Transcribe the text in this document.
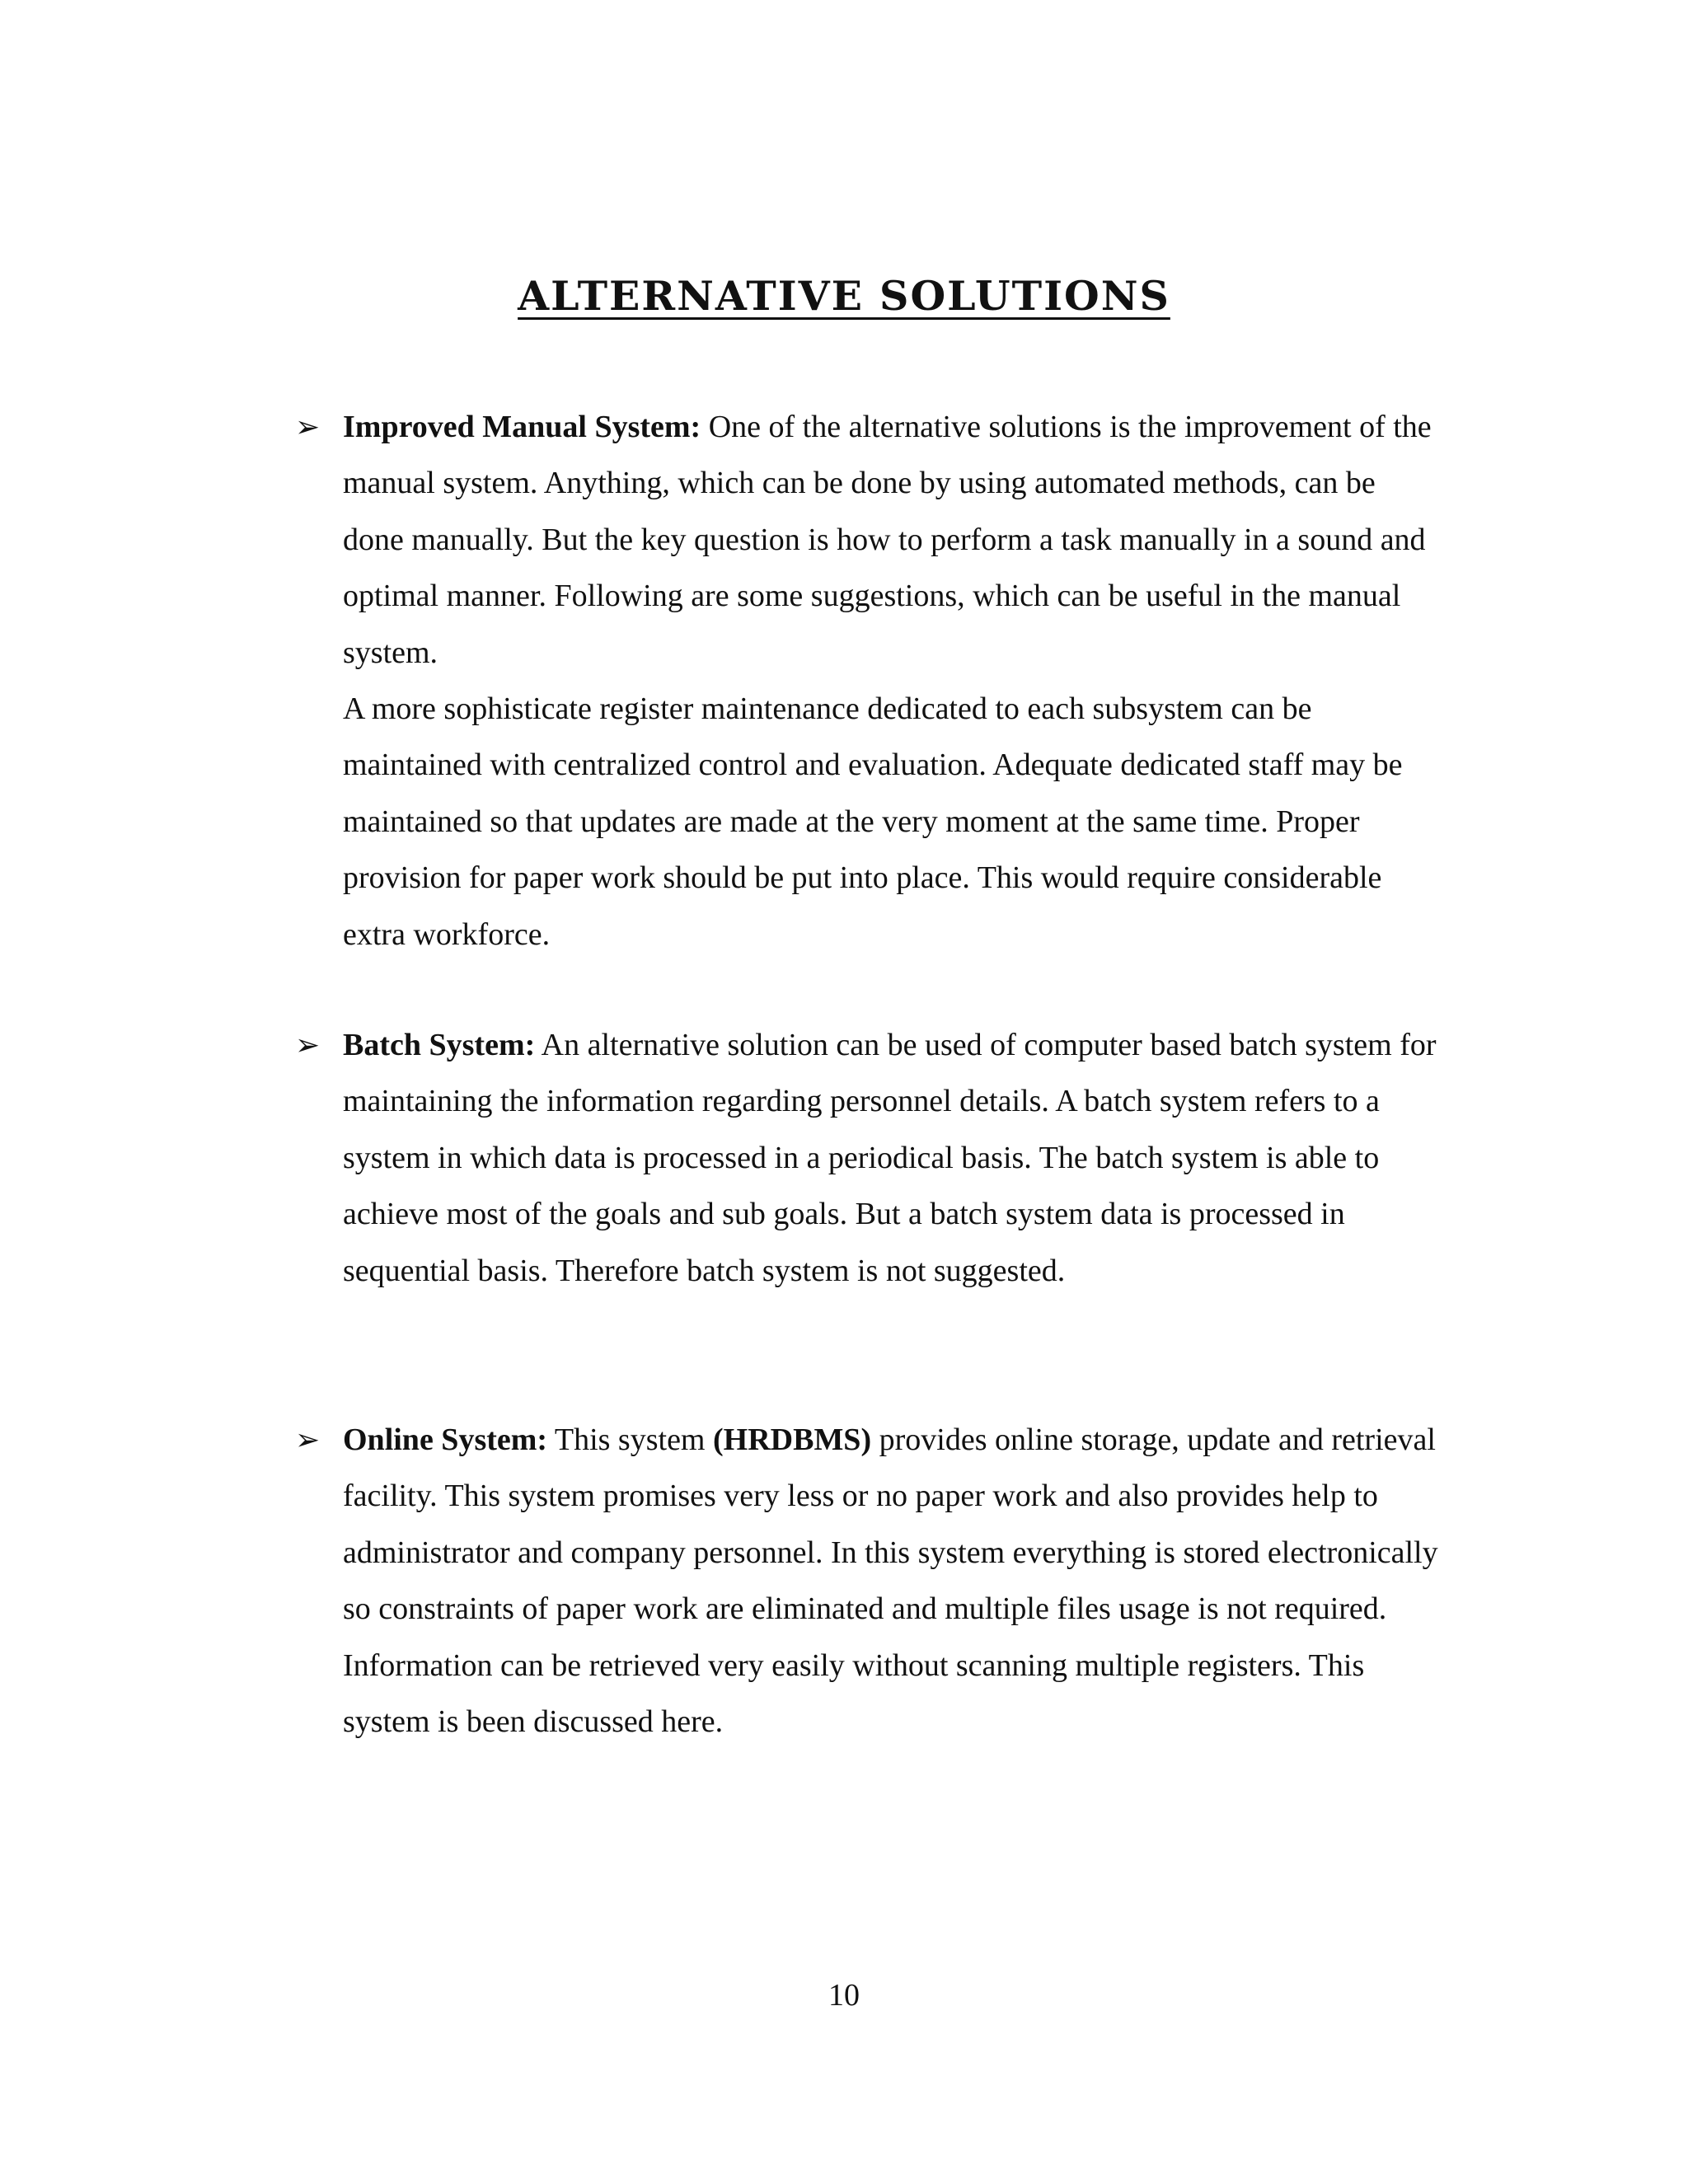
ALTERNATIVE SOLUTIONS
➢ Improved Manual System: One of the alternative solutions is the improvement of the manual system. Anything, which can be done by using automated methods, can be done manually. But the key question is how to perform a task manually in a sound and optimal manner. Following are some suggestions, which can be useful in the manual system.

A more sophisticate register maintenance dedicated to each subsystem can be maintained with centralized control and evaluation. Adequate dedicated staff may be maintained so that updates are made at the very moment at the same time. Proper provision for paper work should be put into place. This would require considerable extra workforce.

➢ Batch System: An alternative solution can be used of computer based batch system for maintaining the information regarding personnel details. A batch system refers to a system in which data is processed in a periodical basis. The batch system is able to achieve most of the goals and sub goals. But a batch system data is processed in sequential basis. Therefore batch system is not suggested.

➢ Online System: This system (HRDBMS) provides online storage, update and retrieval facility. This system promises very less or no paper work and also provides help to administrator and company personnel. In this system everything is stored electronically so constraints of paper work are eliminated and multiple files usage is not required. Information can be retrieved very easily without scanning multiple registers. This system is been discussed here.

10
